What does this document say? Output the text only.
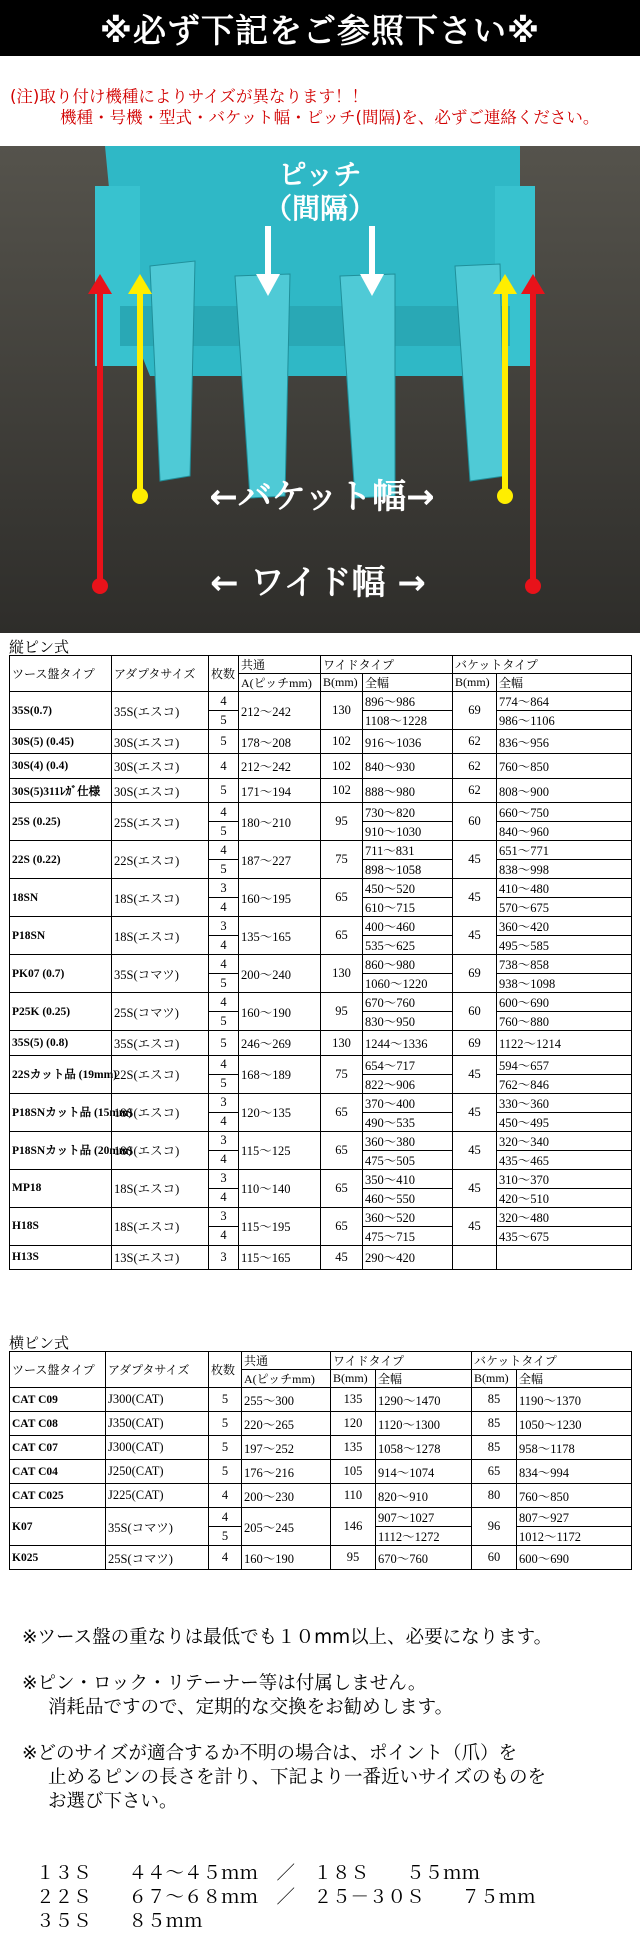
※必ず下記をご参照下さい※
(注)取り付け機種によりサイズが異なります！！
機種・号機・型式・バケット幅・ピッチ(間隔)を、必ずご連絡ください。
ピッチ
（間隔）
←バケット幅→
← ワイド幅 →
縦ピン式
ツース盤タイプ	アダプタサイズ	枚数	共通	ワイドタイプ		バケットタイプ	
			A(ピッチmm)	B(mm)	全幅	B(mm)	全幅
35S(0.7)	35S(エスコ)	4	212～242	130	896～986	69	774～864
		5			1108～1228		986～1106
30S(5) (0.45)	30S(エスコ)	5	178～208	102	916～1036	62	836～956
30S(4) (0.4)	30S(エスコ)	4	212～242	102	840～930	62	760～850
30S(5)311ﾚｶﾞ仕様	30S(エスコ)	5	171～194	102	888～980	62	808～900
25S (0.25)	25S(エスコ)	4	180～210	95	730～820	60	660～750
		5			910～1030		840～960
22S (0.22)	22S(エスコ)	4	187～227	75	711～831	45	651～771
		5			898～1058		838～998
18SN	18S(エスコ)	3	160～195	65	450～520	45	410～480
		4			610～715		570～675
P18SN	18S(エスコ)	3	135～165	65	400～460	45	360～420
		4			535～625		495～585
PK07 (0.7)	35S(コマツ)	4	200～240	130	860～980	69	738～858
		5			1060～1220		938～1098
P25K (0.25)	25S(コマツ)	4	160～190	95	670～760	60	600～690
		5			830～950		760～880
35S(5) (0.8)	35S(エスコ)	5	246～269	130	1244～1336	69	1122～1214
22Sカット品 (19mm)	22S(エスコ)	4	168～189	75	654～717	45	594～657
		5			822～906		762～846
P18SNカット品 (15mm)	18S(エスコ)	3	120～135	65	370～400	45	330～360
		4			490～535		450～495
P18SNカット品 (20mm)	18S(エスコ)	3	115～125	65	360～380	45	320～340
		4			475～505		435～465
MP18	18S(エスコ)	3	110～140	65	350～410	45	310～370
		4			460～550		420～510
H18S	18S(エスコ)	3	115～195	65	360～520	45	320～480
		4			475～715		435～675
H13S	13S(エスコ)	3	115～165	45	290～420		
横ピン式
ツース盤タイプ	アダプタサイズ	枚数	共通	ワイドタイプ		バケットタイプ	
			A(ピッチmm)	B(mm)	全幅	B(mm)	全幅
CAT C09	J300(CAT)	5	255～300	135	1290～1470	85	1190～1370
CAT C08	J350(CAT)	5	220～265	120	1120～1300	85	1050～1230
CAT C07	J300(CAT)	5	197～252	135	1058～1278	85	958～1178
CAT C04	J250(CAT)	5	176～216	105	914～1074	65	834～994
CAT C025	J225(CAT)	4	200～230	110	820～910	80	760～850
K07	35S(コマツ)	4	205～245	146	907～1027	96	807～927
		5			1112～1272		1012～1172
K025	25S(コマツ)	4	160～190	95	670～760	60	600～690

※ツース盤の重なりは最低でも１０mm以上、必要になります。

※ピン・ロック・リテーナー等は付属しません。
消耗品ですので、定期的な交換をお勧めします。

※どのサイズが適合するか不明の場合は、ポイント（爪）を
止めるピンの長さを計り、下記より一番近いサイズのものを
お選び下さい。

１３Ｓ　　４４～４５ｍｍ　／　１８Ｓ　　５５ｍｍ
２２Ｓ　　６７～６８ｍｍ　／　２５－３０Ｓ　　７５ｍｍ
３５Ｓ　　８５ｍｍ
